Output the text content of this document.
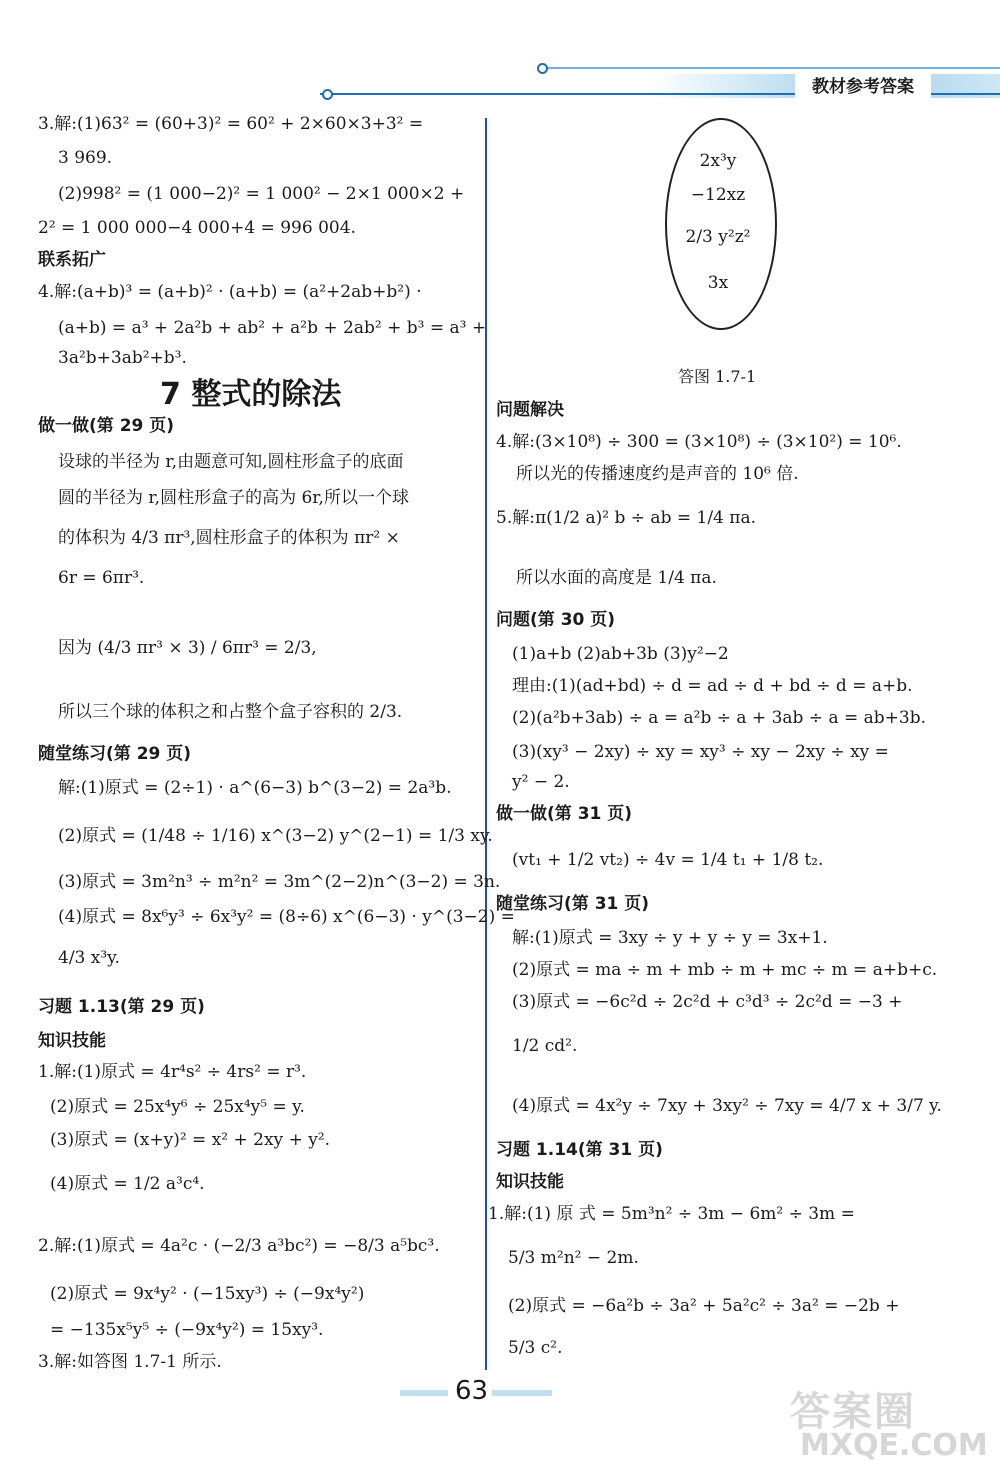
教材参考答案
3.解:(1)63² = (60+3)² = 60² + 2×60×3+3² =
3 969.
(2)998² = (1 000−2)² = 1 000² − 2×1 000×2 +
2² = 1 000 000−4 000+4 = 996 004.
联系拓广
4.解:(a+b)³ = (a+b)² · (a+b) = (a²+2ab+b²) ·
(a+b) = a³ + 2a²b + ab² + a²b + 2ab² + b³ = a³ +
3a²b+3ab²+b³.
7 整式的除法
做一做(第 29 页)
设球的半径为 r,由题意可知,圆柱形盒子的底面
圆的半径为 r,圆柱形盒子的高为 6r,所以一个球
的体积为 4/3 πr³,圆柱形盒子的体积为 πr² ×
6r = 6πr³.
因为 (4/3 πr³ × 3) / 6πr³ = 2/3,
所以三个球的体积之和占整个盒子容积的 2/3.
随堂练习(第 29 页)
解:(1)原式 = (2÷1) · a^(6−3) b^(3−2) = 2a³b.
(2)原式 = (1/48 ÷ 1/16) x^(3−2) y^(2−1) = 1/3 xy.
(3)原式 = 3m²n³ ÷ m²n² = 3m^(2−2)n^(3−2) = 3n.
(4)原式 = 8x⁶y³ ÷ 6x³y² = (8÷6) x^(6−3) · y^(3−2) =
4/3 x³y.
习题 1.13(第 29 页)
知识技能
1.解:(1)原式 = 4r⁴s² ÷ 4rs² = r³.
(2)原式 = 25x⁴y⁶ ÷ 25x⁴y⁵ = y.
(3)原式 = (x+y)² = x² + 2xy + y².
(4)原式 = 1/2 a³c⁴.
2.解:(1)原式 = 4a²c · (−2/3 a³bc²) = −8/3 a⁵bc³.
(2)原式 = 9x⁴y² · (−15xy³) ÷ (−9x⁴y²)
= −135x⁵y⁵ ÷ (−9x⁴y²) = 15xy³.
3.解:如答图 1.7-1 所示.
2x³y
−12xz
2/3 y²z²
3x
答图 1.7-1
问题解决
4.解:(3×10⁸) ÷ 300 = (3×10⁸) ÷ (3×10²) = 10⁶.
所以光的传播速度约是声音的 10⁶ 倍.
5.解:π(1/2 a)² b ÷ ab = 1/4 πa.
所以水面的高度是 1/4 πa.
问题(第 30 页)
(1)a+b (2)ab+3b (3)y²−2
理由:(1)(ad+bd) ÷ d = ad ÷ d + bd ÷ d = a+b.
(2)(a²b+3ab) ÷ a = a²b ÷ a + 3ab ÷ a = ab+3b.
(3)(xy³ − 2xy) ÷ xy = xy³ ÷ xy − 2xy ÷ xy =
y² − 2.
做一做(第 31 页)
(vt₁ + 1/2 vt₂) ÷ 4v = 1/4 t₁ + 1/8 t₂.
随堂练习(第 31 页)
解:(1)原式 = 3xy ÷ y + y ÷ y = 3x+1.
(2)原式 = ma ÷ m + mb ÷ m + mc ÷ m = a+b+c.
(3)原式 = −6c²d ÷ 2c²d + c³d³ ÷ 2c²d = −3 +
1/2 cd².
(4)原式 = 4x²y ÷ 7xy + 3xy² ÷ 7xy = 4/7 x + 3/7 y.
习题 1.14(第 31 页)
知识技能
1.解:(1) 原 式 = 5m³n² ÷ 3m − 6m² ÷ 3m =
5/3 m²n² − 2m.
(2)原式 = −6a²b ÷ 3a² + 5a²c² ÷ 3a² = −2b +
5/3 c².
63	答案圈
MXQE.COM
